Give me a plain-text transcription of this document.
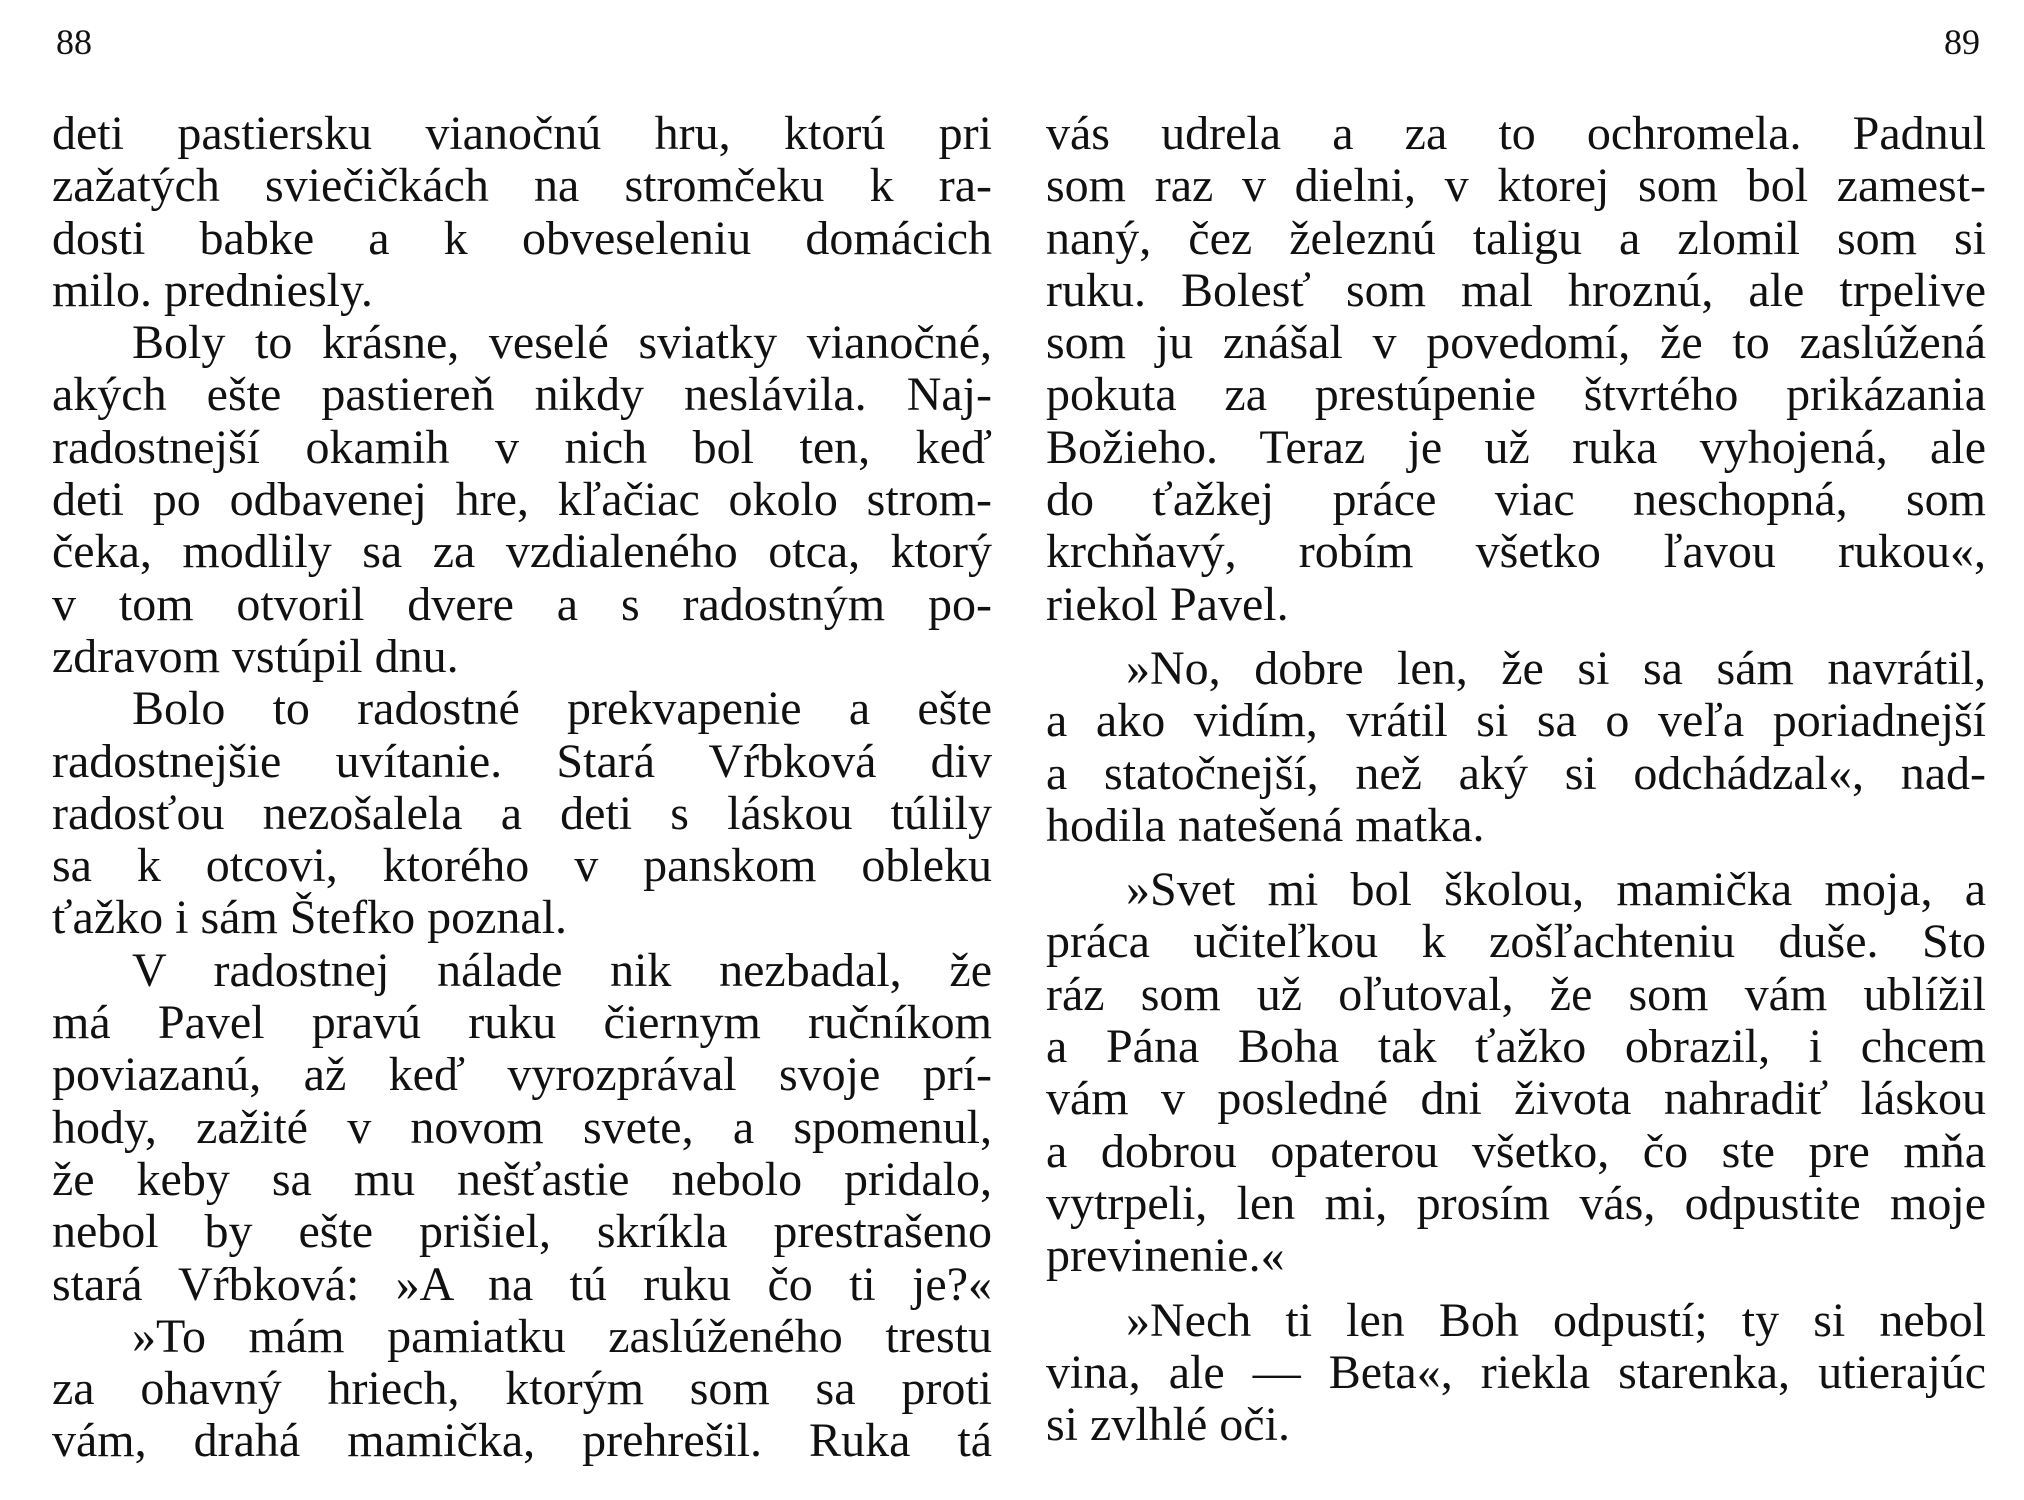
88	89

deti pastiersku vianočnú hru, ktorú pri
zažatých sviečičkách na stromčeku k ra-
dosti babke a k obveseleniu domácich
milo. predniesly.

Boly to krásne, veselé sviatky vianočné,
akých ešte pastiereň nikdy neslávila. Naj-
radostnejší okamih v nich bol ten, keď
deti po odbavenej hre, kľačiac okolo strom-
čeka, modlily sa za vzdialeného otca, ktorý
v tom otvoril dvere a s radostným po-
zdravom vstúpil dnu.

Bolo to radostné prekvapenie a ešte
radostnejšie uvítanie. Stará Vŕbková div
radosťou nezošalela a deti s láskou túlily
sa k otcovi, ktorého v panskom obleku
ťažko i sám Štefko poznal.

V radostnej nálade nik nezbadal, že
má Pavel pravú ruku čiernym ručníkom
poviazanú, až keď vyrozprával svoje prí-
hody, zažité v novom svete, a spomenul,
že keby sa mu nešťastie nebolo pridalo,
nebol by ešte prišiel, skríkla prestrašeno
stará Vŕbková: »A na tú ruku čo ti je?«

»To mám pamiatku zaslúženého trestu
za ohavný hriech, ktorým som sa proti
vám, drahá mamička, prehrešil. Ruka tá

vás udrela a za to ochromela. Padnul
som raz v dielni, v ktorej som bol zamest-
naný, čez železnú taligu a zlomil som si
ruku. Bolesť som mal hroznú, ale trpelive
som ju znášal v povedomí, že to zaslúžená
pokuta za prestúpenie štvrtého prikázania
Božieho. Teraz je už ruka vyhojená, ale
do ťažkej práce viac neschopná, som
krchňavý, robím všetko ľavou rukou«,
riekol Pavel.

»No, dobre len, že si sa sám navrátil,
a ako vidím, vrátil si sa o veľa poriadnejší
a statočnejší, než aký si odchádzal«, nad-
hodila natešená matka.

»Svet mi bol školou, mamička moja, a
práca učiteľkou k zošľachteniu duše. Sto
ráz som už oľutoval, že som vám ublížil
a Pána Boha tak ťažko obrazil, i chcem
vám v posledné dni života nahradiť láskou
a dobrou opaterou všetko, čo ste pre mňa
vytrpeli, len mi, prosím vás, odpustite moje
previnenie.«

»Nech ti len Boh odpustí; ty si nebol
vina, ale — Beta«, riekla starenka, utierajúc
si zvlhlé oči.
